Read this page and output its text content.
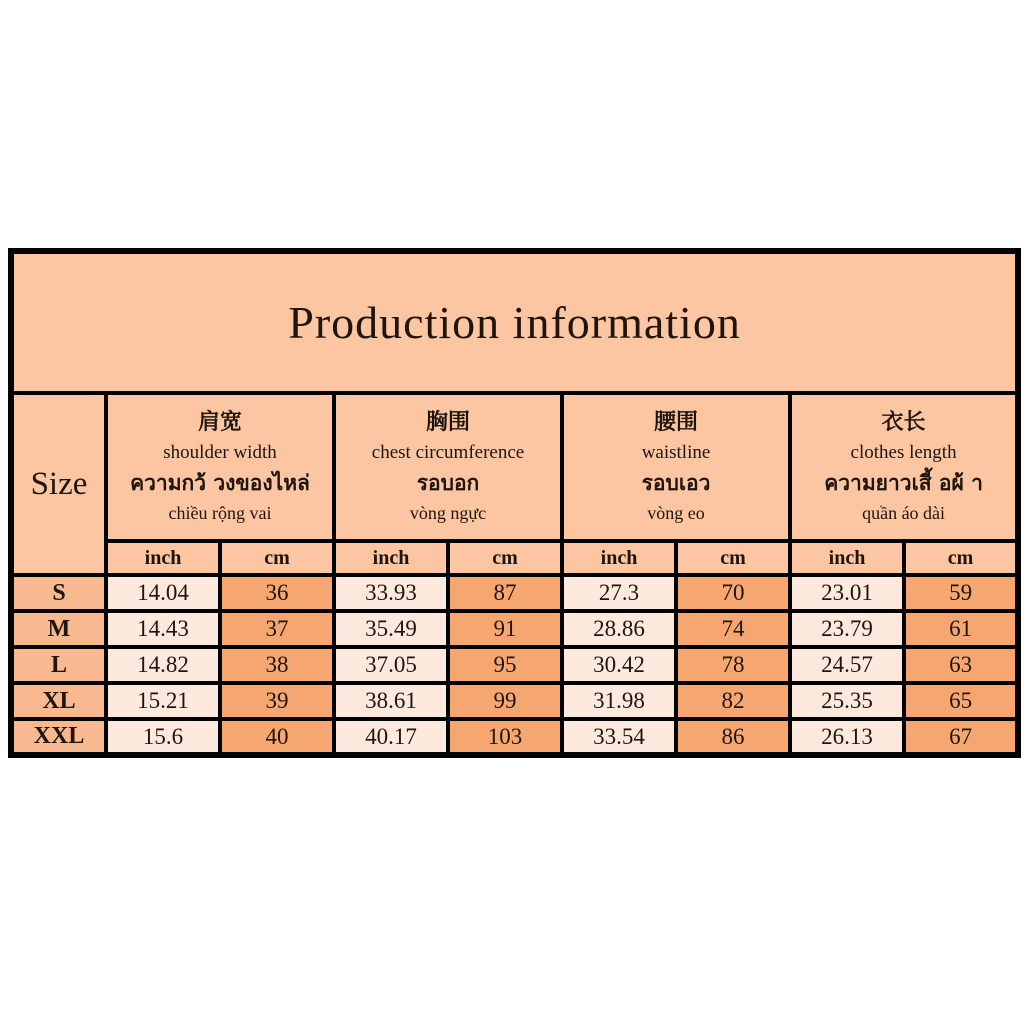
Production information								
Size	
肩宽
shoulder width
ความกว้ วงของไหล่
chiều rộng vai

胸围
chest circumference
รอบอก
vòng ngực

腰围
waistline
รอบเอว
vòng eo

衣长
clothes length
ความยาวเสี้ อผ้ า
quần áo dài

	inch	cm	inch	cm	inch	cm	inch	cm
S	14.04	36	33.93	87	27.3	70	23.01	59
M	14.43	37	35.49	91	28.86	74	23.79	61
L	14.82	38	37.05	95	30.42	78	24.57	63
XL	15.21	39	38.61	99	31.98	82	25.35	65
XXL	15.6	40	40.17	103	33.54	86	26.13	67
